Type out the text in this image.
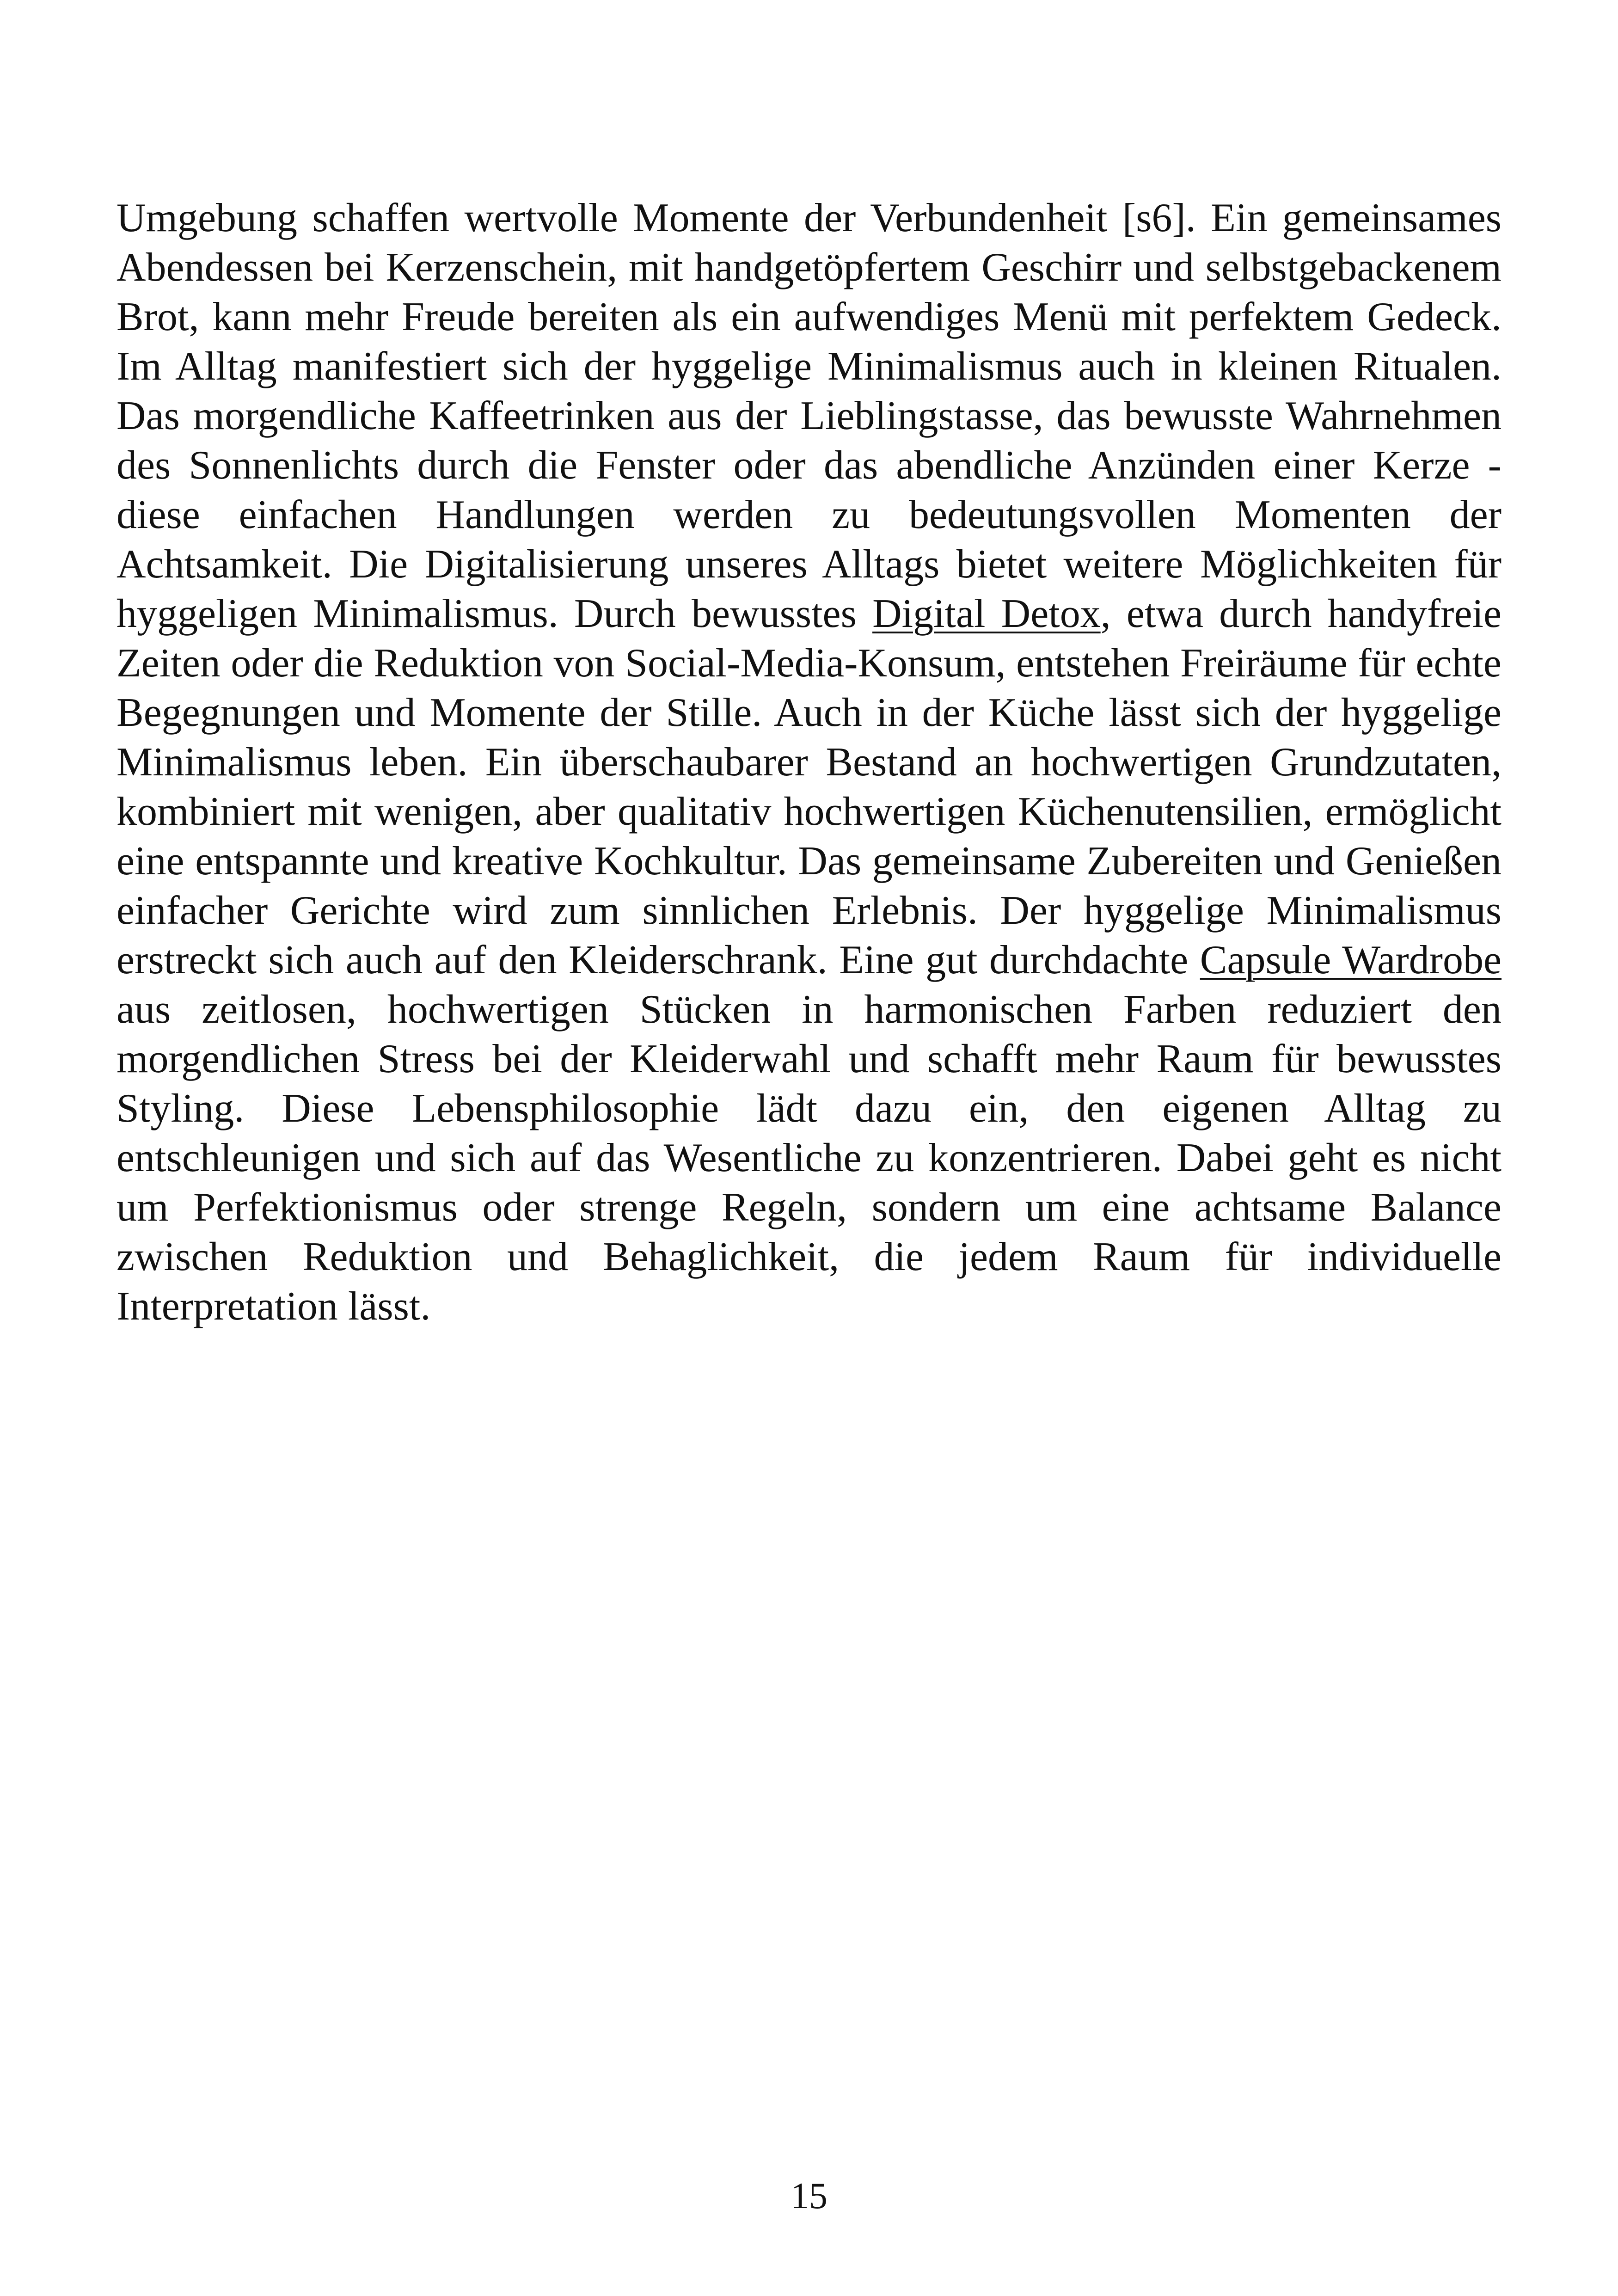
Umgebung schaffen wertvolle Momente der Verbundenheit [s6]. Ein gemeinsames Abendessen bei Kerzenschein, mit handgetöpfertem Geschirr und selbstgebackenem Brot, kann mehr Freude bereiten als ein aufwendiges Menü mit perfektem Gedeck. Im Alltag manifestiert sich der hyggelige Minimalismus auch in kleinen Ritualen. Das morgendliche Kaffeetrinken aus der Lieblingstasse, das bewusste Wahrnehmen des Sonnenlichts durch die Fenster oder das abendliche Anzünden einer Kerze - diese einfachen Handlungen werden zu bedeutungsvollen Momenten der Achtsamkeit. Die Digitalisierung unseres Alltags bietet weitere Möglichkeiten für hyggeligen Minimalismus. Durch bewusstes Digital Detox, etwa durch handyfreie Zeiten oder die Reduktion von Social-Media-Konsum, entstehen Freiräume für echte Begegnungen und Momente der Stille. Auch in der Küche lässt sich der hyggelige Minimalismus leben. Ein überschaubarer Bestand an hochwertigen Grundzutaten, kombiniert mit wenigen, aber qualitativ hochwertigen Küchenutensilien, ermöglicht eine entspannte und kreative Kochkultur. Das gemeinsame Zubereiten und Genießen einfacher Gerichte wird zum sinnlichen Erlebnis. Der hyggelige Minimalismus erstreckt sich auch auf den Kleiderschrank. Eine gut durchdachte Capsule Wardrobe aus zeitlosen, hochwertigen Stücken in harmonischen Farben reduziert den morgendlichen Stress bei der Kleiderwahl und schafft mehr Raum für bewusstes Styling. Diese Lebensphilosophie lädt dazu ein, den eigenen Alltag zu entschleunigen und sich auf das Wesentliche zu konzentrieren. Dabei geht es nicht um Perfektionismus oder strenge Regeln, sondern um eine achtsame Balance zwischen Reduktion und Behaglichkeit, die jedem Raum für individuelle Interpretation lässt.
15
